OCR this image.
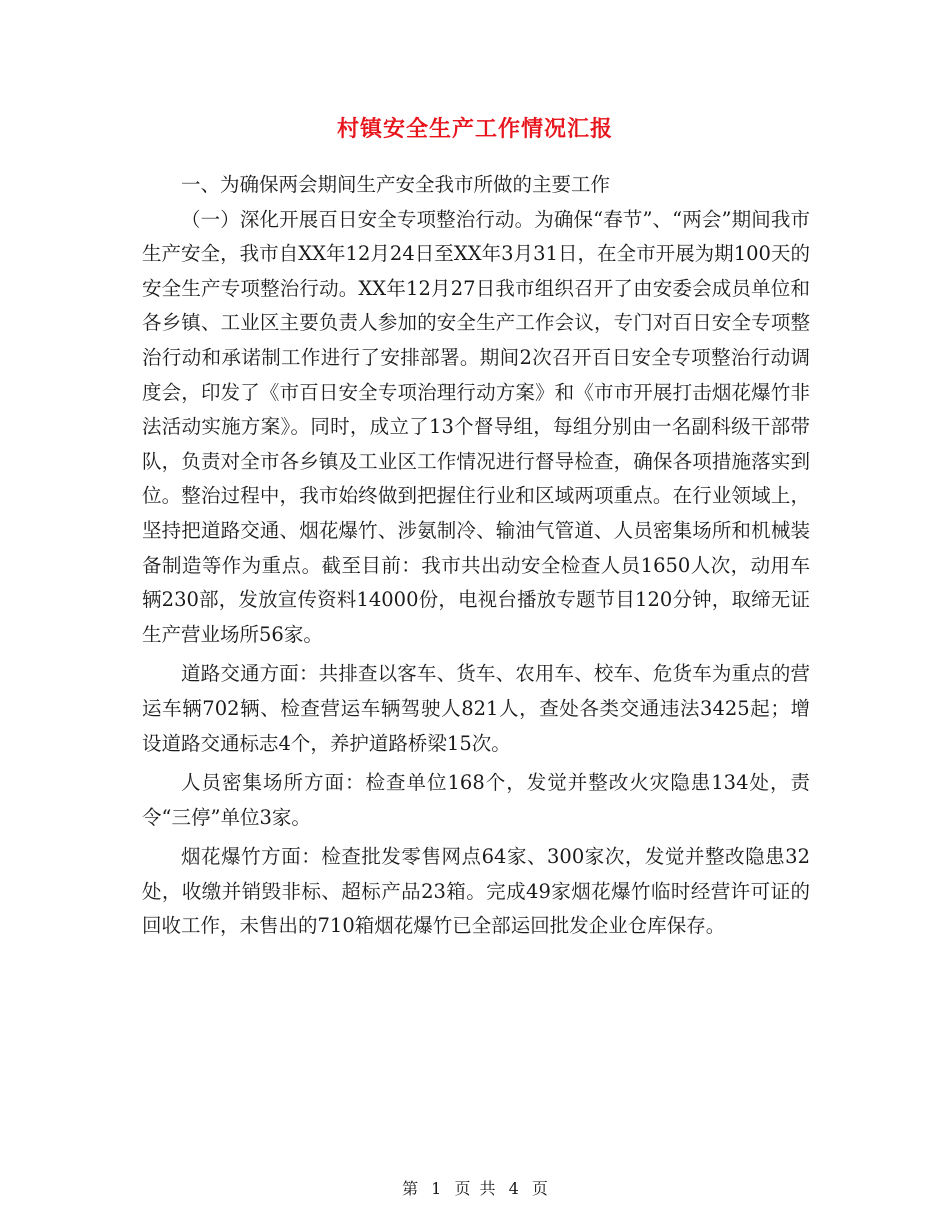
村镇安全生产工作情况汇报

一、为确保两会期间生产安全我市所做的主要工作

（一）深化开展百日安全专项整治行动。为确保“春节”、“两会”期间我市生产安全，我市自XX年12月24日至XX年3月31日，在全市开展为期100天的安全生产专项整治行动。XX年12月27日我市组织召开了由安委会成员单位和各乡镇、工业区主要负责人参加的安全生产工作会议，专门对百日安全专项整治行动和承诺制工作进行了安排部署。期间2次召开百日安全专项整治行动调度会，印发了《市百日安全专项治理行动方案》和《市市开展打击烟花爆竹非法活动实施方案》。同时，成立了13个督导组，每组分别由一名副科级干部带队，负责对全市各乡镇及工业区工作情况进行督导检查，确保各项措施落实到位。整治过程中，我市始终做到把握住行业和区域两项重点。在行业领域上，坚持把道路交通、烟花爆竹、涉氨制冷、输油气管道、人员密集场所和机械装备制造等作为重点。截至目前：我市共出动安全检查人员1650人次，动用车辆230部，发放宣传资料14000份，电视台播放专题节目120分钟，取缔无证生产营业场所56家。

道路交通方面：共排查以客车、货车、农用车、校车、危货车为重点的营运车辆702辆、检查营运车辆驾驶人821人，查处各类交通违法3425起；增设道路交通标志4个，养护道路桥梁15次。

人员密集场所方面：检查单位168个，发觉并整改火灾隐患134处，责令“三停”单位3家。

烟花爆竹方面：检查批发零售网点64家、300家次，发觉并整改隐患32处，收缴并销毁非标、超标产品23箱。完成49家烟花爆竹临时经营许可证的回收工作，未售出的710箱烟花爆竹已全部运回批发企业仓库保存。

第 1 页 共 4 页
